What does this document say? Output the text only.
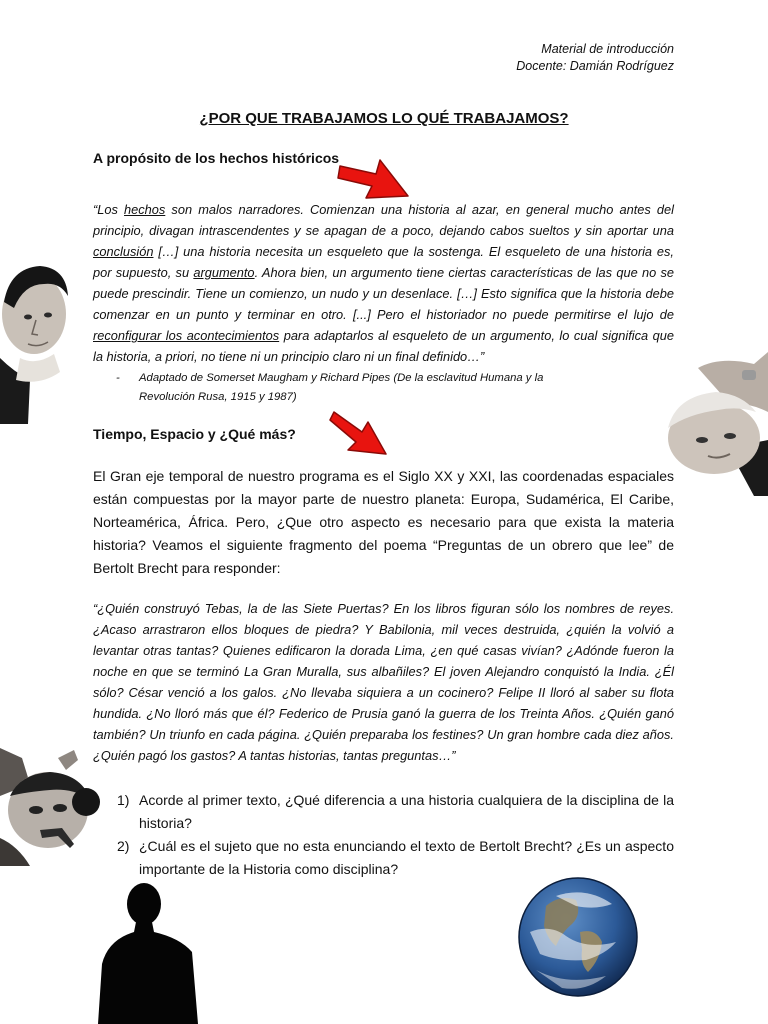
Material de introducción
Docente: Damián Rodríguez
¿POR QUE TRABAJAMOS LO QUÉ TRABAJAMOS?
A propósito de los hechos históricos
“Los hechos son malos narradores. Comienzan una historia al azar, en general mucho antes del principio, divagan intrascendentes y se apagan de a poco, dejando cabos sueltos y sin aportar una conclusión […] una historia necesita un esqueleto que la sostenga. El esqueleto de una historia es, por supuesto, su argumento. Ahora bien, un argumento tiene ciertas características de las que no se puede prescindir. Tiene un comienzo, un nudo y un desenlace. […] Esto significa que la historia debe comenzar en un punto y terminar en otro. [...] Pero el historiador no puede permitirse el lujo de reconfigurar los acontecimientos para adaptarlos al esqueleto de un argumento, lo cual significa que la historia, a priori, no tiene ni un principio claro ni un final definido…”
- Adaptado de Somerset Maugham y Richard Pipes (De la esclavitud Humana y la
Revolución Rusa, 1915 y 1987)
Tiempo, Espacio y ¿Qué más?
El Gran eje temporal de nuestro programa es el Siglo XX y XXI, las coordenadas espaciales están compuestas por la mayor parte de nuestro planeta: Europa, Sudamérica, El Caribe, Norteamérica, África. Pero, ¿Que otro aspecto es necesario para que exista la materia historia? Veamos el siguiente fragmento del poema “Preguntas de un obrero que lee” de Bertolt Brecht para responder:
“¿Quién construyó Tebas, la de las Siete Puertas? En los libros figuran sólo los nombres de reyes. ¿Acaso arrastraron ellos bloques de piedra? Y Babilonia, mil veces destruida, ¿quién la volvió a levantar otras tantas? Quienes edificaron la dorada Lima, ¿en qué casas vivían? ¿Adónde fueron la noche en que se terminó La Gran Muralla, sus albañiles? El joven Alejandro conquistó la India. ¿Él sólo? César venció a los galos. ¿No llevaba siquiera a un cocinero? Felipe II lloró al saber su flota hundida. ¿No lloró más que él? Federico de Prusia ganó la guerra de los Treinta Años. ¿Quién ganó también? Un triunfo en cada página. ¿Quién preparaba los festines? Un gran hombre cada diez años. ¿Quién pagó los gastos? A tantas historias, tantas preguntas…”
1) Acorde al primer texto, ¿Qué diferencia a una historia cualquiera de la disciplina de la historia?
2) ¿Cuál es el sujeto que no esta enunciando el texto de Bertolt Brecht? ¿Es un aspecto importante de la Historia como disciplina?
